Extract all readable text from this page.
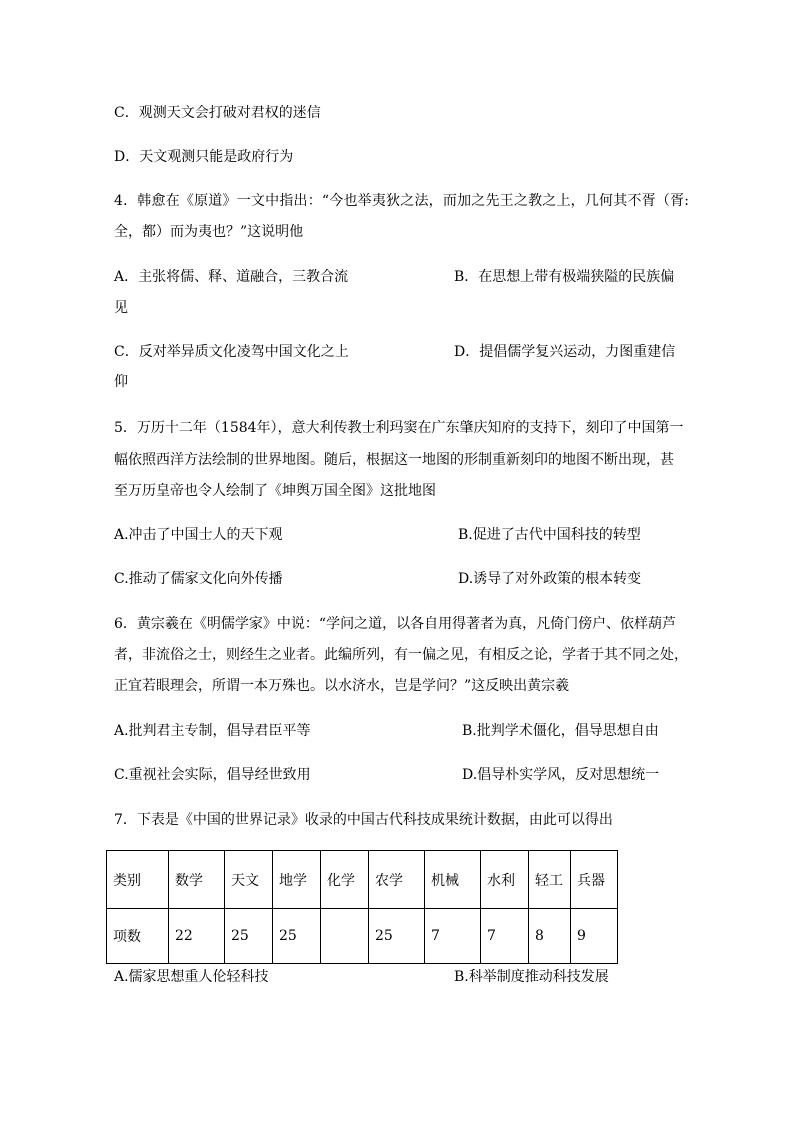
C．观测天文会打破对君权的迷信
D．天文观测只能是政府行为
4．韩愈在《原道》一文中指出：“今也举夷狄之法，而加之先王之教之上，几何其不胥（胥:
全，都）而为夷也？”这说明他
A．主张将儒、释、道融合，三教合流	B．在思想上带有极端狭隘的民族偏
见
C．反对举异质文化凌驾中国文化之上	D．提倡儒学复兴运动，力图重建信
仰
5．万历十二年（1584年），意大利传教士利玛窦在广东肇庆知府的支持下，刻印了中国第一
幅依照西洋方法绘制的世界地图。随后，根据这一地图的形制重新刻印的地图不断出现，甚
至万历皇帝也令人绘制了《坤舆万国全图》这批地图
A.冲击了中国士人的天下观	B.促进了古代中国科技的转型
C.推动了儒家文化向外传播	D.诱导了对外政策的根本转变
6．黄宗羲在《明儒学家》中说：“学问之道，以各自用得著者为真，凡倚门傍户、依样葫芦
者，非流俗之士，则经生之业者。此编所列，有一偏之见，有相反之论，学者于其不同之处，
正宜若眼理会，所谓一本万殊也。以水济水，岂是学问？”这反映出黄宗羲
A.批判君主专制，倡导君臣平等	B.批判学术僵化，倡导思想自由
C.重视社会实际，倡导经世致用	D.倡导朴实学风，反对思想统一
7．下表是《中国的世界记录》收录的中国古代科技成果统计数据，由此可以得出
类别	数学	天文	地学	化学	农学	机械	水利	轻工	兵器
项数	22	25	25		25	7	7	8	9
A.儒家思想重人伦轻科技	B.科举制度推动科技发展
